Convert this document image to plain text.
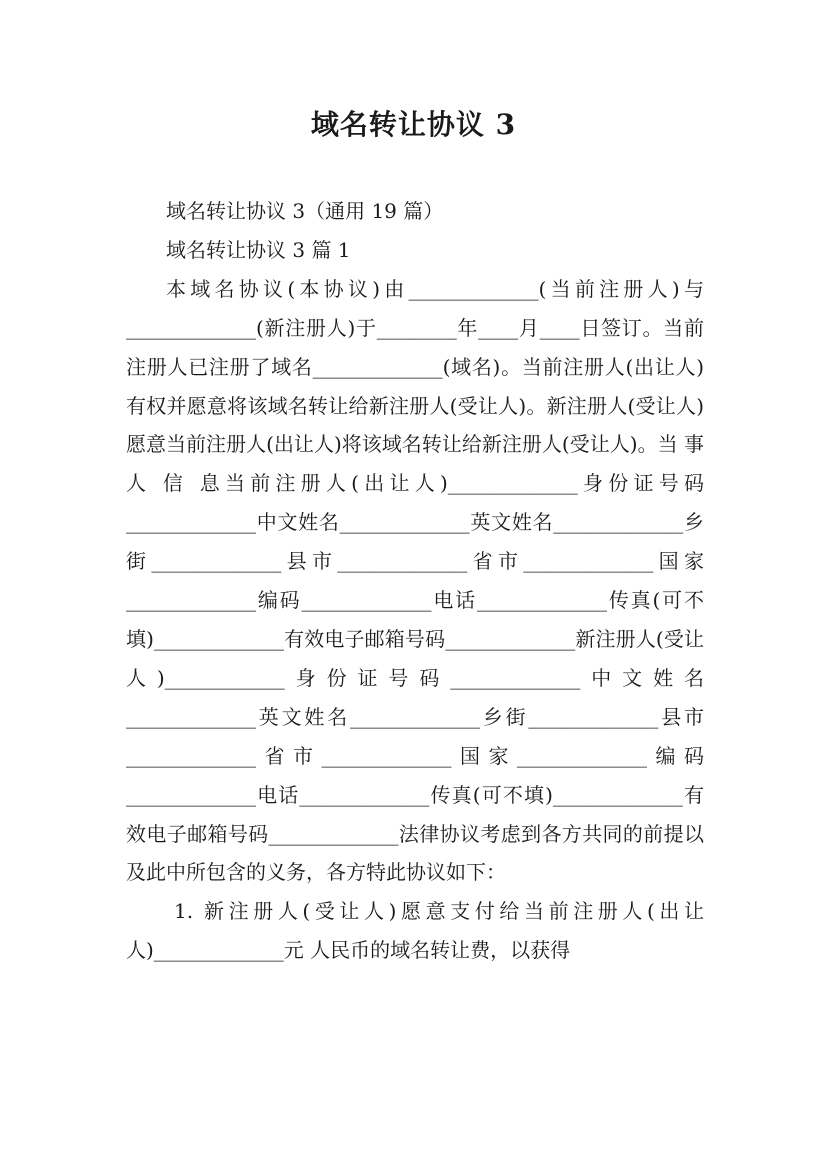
域名转让协议 3

域名转让协议 3（通用 19 篇）

域名转让协议 3 篇 1

本域名协议(本协议)由_____________(当前注册人)与_____________(新注册人)于________年____月____日签订。当前注册人已注册了域名_____________(域名)。当前注册人(出让人)有权并愿意将该域名转让给新注册人(受让人)。新注册人(受让人)愿意当前注册人(出让人)将该域名转让给新注册人(受让人)。当 事 人 信 息当前注册人(出让人)_____________身份证号码_____________中文姓名_____________英文姓名_____________乡街_____________县市_____________省市_____________国家_____________编码_____________电话_____________传真(可不填)_____________有效电子邮箱号码_____________新注册人(受让人)____________身份证号码_____________中文姓名_____________英文姓名_____________乡街_____________县市_____________省市_____________国家_____________编码_____________电话_____________传真(可不填)_____________有效电子邮箱号码_____________法律协议考虑到各方共同的前提以及此中所包含的义务，各方特此协议如下：

1. 新注册人(受让人)愿意支付给当前注册人(出让人)_____________元 人民币的域名转让费，以获得
